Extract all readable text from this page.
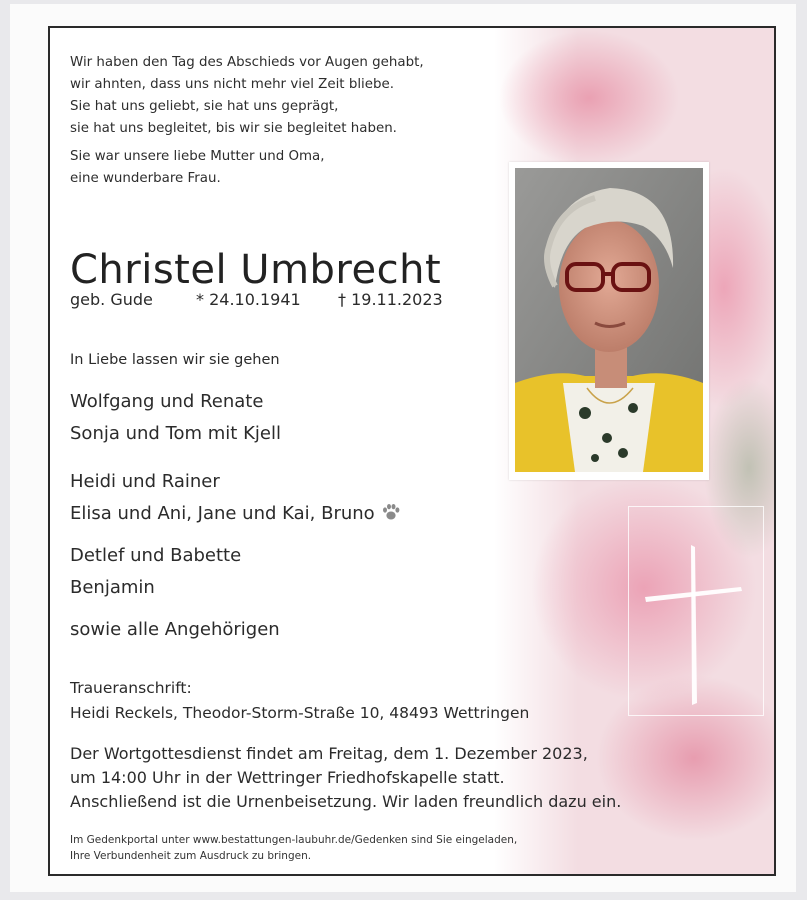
Wir haben den Tag des Abschieds vor Augen gehabt,
wir ahnten, dass uns nicht mehr viel Zeit bliebe.
Sie hat uns geliebt, sie hat uns geprägt,
sie hat uns begleitet, bis wir sie begleitet haben.
Sie war unsere liebe Mutter und Oma,
eine wunderbare Frau.
Christel Umbrecht
geb. Gude	* 24.10.1941 † 19.11.2023
In Liebe lassen wir sie gehen
Wolfgang und Renate
Sonja und Tom mit Kjell
Heidi und Rainer
Elisa und Ani, Jane und Kai, Bruno
Detlef und Babette
Benjamin
sowie alle Angehörigen
Traueranschrift:
Heidi Reckels, Theodor-Storm-Straße 10, 48493 Wettringen
Der Wortgottesdienst findet am Freitag, dem 1. Dezember 2023,
um 14:00 Uhr in der Wettringer Friedhofskapelle statt.
Anschließend ist die Urnenbeisetzung. Wir laden freundlich dazu ein.
Im Gedenkportal unter www.bestattungen-laubuhr.de/Gedenken sind Sie eingeladen,
Ihre Verbundenheit zum Ausdruck zu bringen.
